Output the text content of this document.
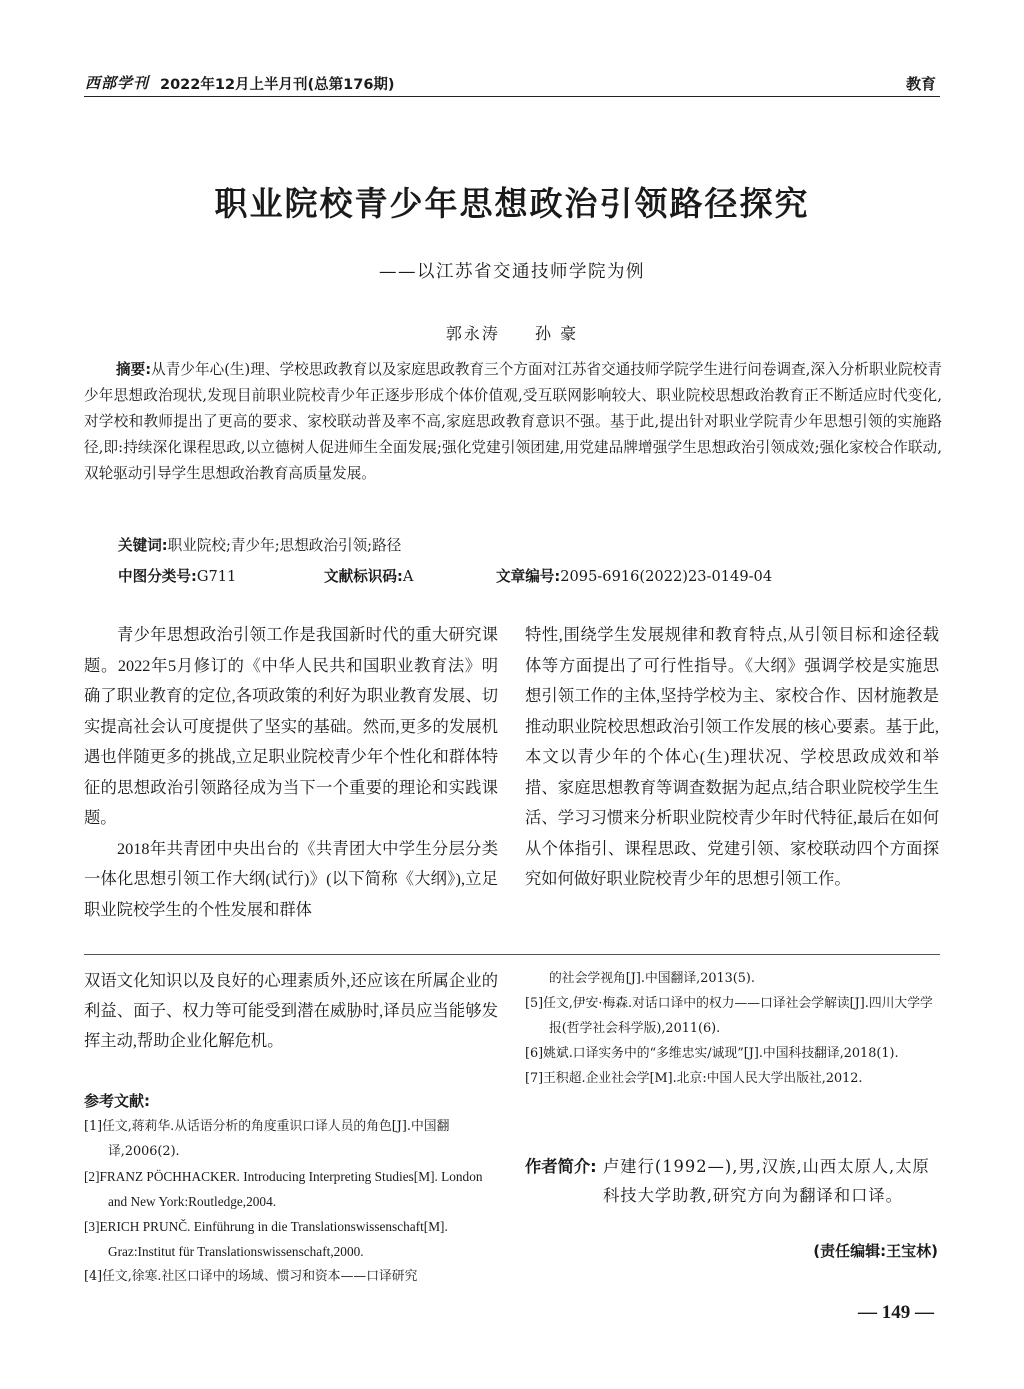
西部学刊 2022年12月上半月刊(总第176期)	教育
职业院校青少年思想政治引领路径探究
——以江苏省交通技师学院为例
郭永涛 孙 豪
摘要:从青少年心(生)理、学校思政教育以及家庭思政教育三个方面对江苏省交通技师学院学生进行问卷调查,深入分析职业院校青少年思想政治现状,发现目前职业院校青少年正逐步形成个体价值观,受互联网影响较大、职业院校思想政治教育正不断适应时代变化,对学校和教师提出了更高的要求、家校联动普及率不高,家庭思政教育意识不强。基于此,提出针对职业学院青少年思想引领的实施路径,即:持续深化课程思政,以立德树人促进师生全面发展;强化党建引领团建,用党建品牌增强学生思想政治引领成效;强化家校合作联动,双轮驱动引导学生思想政治教育高质量发展。
关键词:职业院校;青少年;思想政治引领;路径
中图分类号:G711	文献标识码:A	文章编号:2095-6916(2022)23-0149-04

青少年思想政治引领工作是我国新时代的重大研究课题。2022年5月修订的《中华人民共和国职业教育法》明确了职业教育的定位,各项政策的利好为职业教育发展、切实提高社会认可度提供了坚实的基础。然而,更多的发展机遇也伴随更多的挑战,立足职业院校青少年个性化和群体特征的思想政治引领路径成为当下一个重要的理论和实践课题。

2018年共青团中央出台的《共青团大中学生分层分类一体化思想引领工作大纲(试行)》(以下简称《大纲》),立足职业院校学生的个性发展和群体

特性,围绕学生发展规律和教育特点,从引领目标和途径载体等方面提出了可行性指导。《大纲》强调学校是实施思想引领工作的主体,坚持学校为主、家校合作、因材施教是推动职业院校思想政治引领工作发展的核心要素。基于此,本文以青少年的个体心(生)理状况、学校思政成效和举措、家庭思想教育等调查数据为起点,结合职业院校学生生活、学习习惯来分析职业院校青少年时代特征,最后在如何从个体指引、课程思政、党建引领、家校联动四个方面探究如何做好职业院校青少年的思想引领工作。

双语文化知识以及良好的心理素质外,还应该在所属企业的利益、面子、权力等可能受到潜在威胁时,译员应当能够发挥主动,帮助企业化解危机。
参考文献:
[1]任文,蒋莉华.从话语分析的角度重识口译人员的角色[J].中国翻译,2006(2).
[2]FRANZ PÖCHHACKER. Introducing Interpreting Studies[M]. London and New York:Routledge,2004.
[3]ERICH PRUNČ. Einführung in die Translationswissenschaft[M]. Graz:Institut für Translationswissenschaft,2000.
[4]任文,徐寒.社区口译中的场域、惯习和资本——口译研究
的社会学视角[J].中国翻译,2013(5).
[5]任文,伊安·梅森.对话口译中的权力——口译社会学解读[J].四川大学学报(哲学社会科学版),2011(6).
[6]姚斌.口译实务中的“多维忠实/诚现”[J].中国科技翻译,2018(1).
[7]王积超.企业社会学[M].北京:中国人民大学出版社,2012.
作者简介: 卢建行(1992—),男,汉族,山西太原人,太原科技大学助教,研究方向为翻译和口译。
(责任编辑:王宝林)
— 149 —
